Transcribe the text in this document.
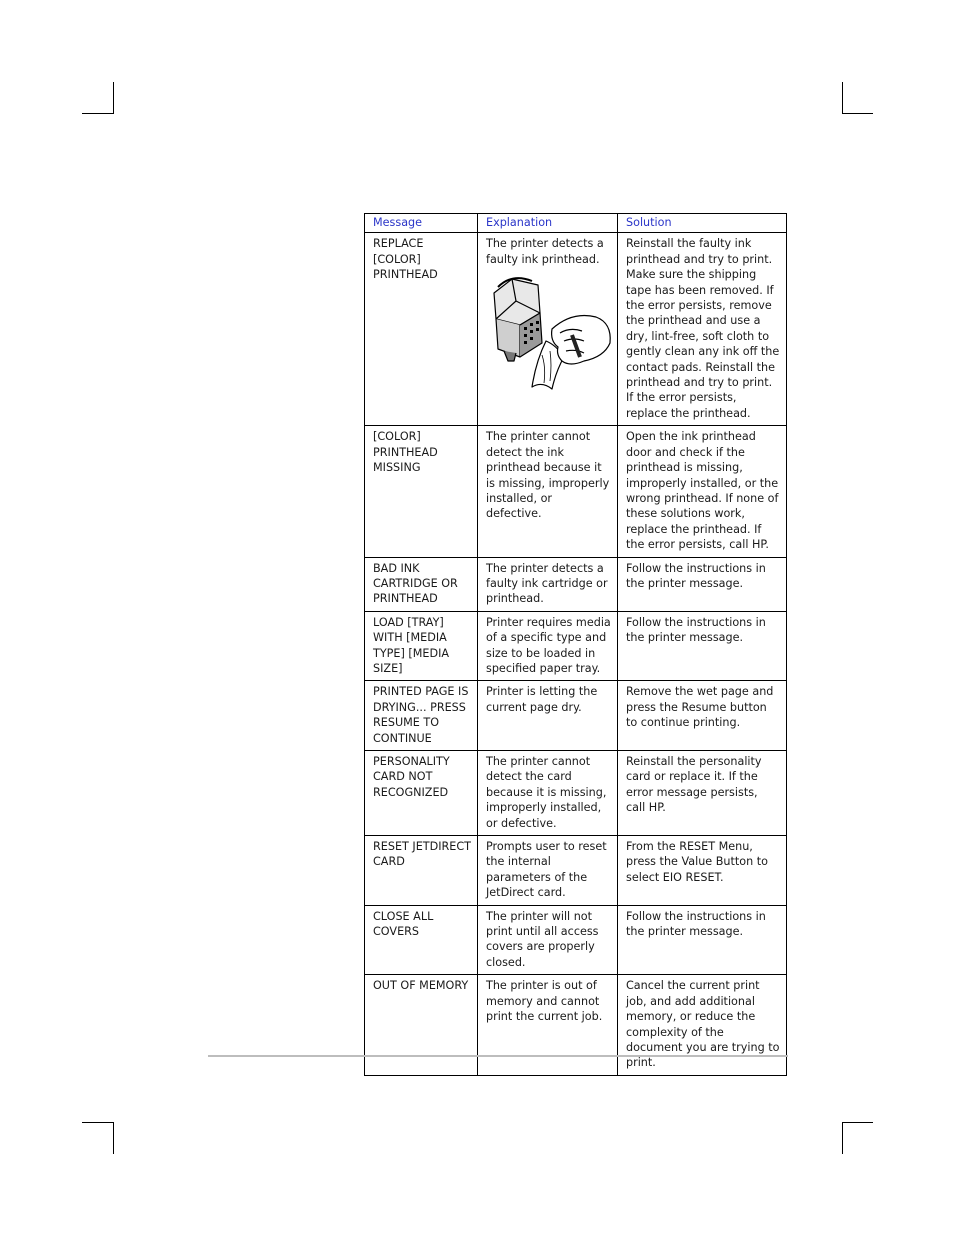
Message	Explanation	Solution
REPLACE [COLOR] PRINTHEAD	The printer detects a faulty ink printhead.	Reinstall the faulty ink printhead and try to print. Make sure the shipping tape has been removed. If the error persists, remove the printhead and use a dry, lint-free, soft cloth to gently clean any ink off the contact pads. Reinstall the printhead and try to print. If the error persists, replace the printhead.
[COLOR] PRINTHEAD MISSING	The printer cannot detect the ink printhead because it is missing, improperly installed, or defective.	Open the ink printhead door and check if the printhead is missing, improperly installed, or the wrong printhead. If none of these solutions work, replace the printhead. If the error persists, call HP.
BAD INK CARTRIDGE OR PRINTHEAD	The printer detects a faulty ink cartridge or printhead.	Follow the instructions in the printer message.
LOAD [TRAY] WITH [MEDIA TYPE] [MEDIA SIZE]	Printer requires media of a specific type and size to be loaded in specified paper tray.	Follow the instructions in the printer message.
PRINTED PAGE IS DRYING... PRESS RESUME TO CONTINUE	Printer is letting the current page dry.	Remove the wet page and press the Resume button to continue printing.
PERSONALITY CARD NOT RECOGNIZED	The printer cannot detect the card because it is missing, improperly installed, or defective.	Reinstall the personality card or replace it. If the error message persists, call HP.
RESET JETDIRECT CARD	Prompts user to reset the internal parameters of the JetDirect card.	From the RESET Menu, press the Value Button to select EIO RESET.
CLOSE ALL COVERS	The printer will not print until all access covers are properly closed.	Follow the instructions in the printer message.
OUT OF MEMORY	The printer is out of memory and cannot print the current job.	Cancel the current print job, and add additional memory, or reduce the complexity of the document you are trying to print.
